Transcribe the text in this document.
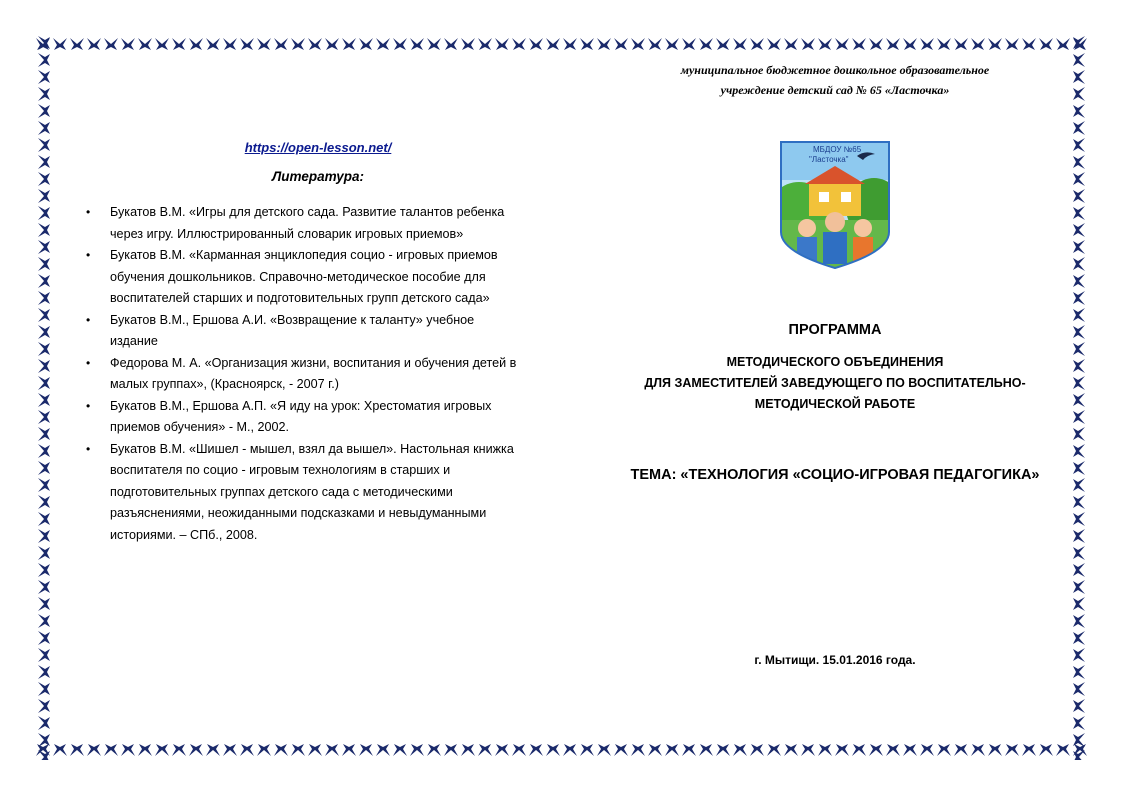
https://open-lesson.net/
Литература:
• Букатов В.М. «Игры для детского сада. Развитие талантов ребенка
через игру. Иллюстрированный словарик игровых приемов»
• Букатов В.М. «Карманная энциклопедия социо - игровых приемов
обучения дошкольников. Справочно-методическое пособие для
воспитателей старших и подготовительных групп детского сада»
• Букатов В.М., Ершова А.И. «Возвращение к таланту» учебное
издание
• Федорова М. А. «Организация жизни, воспитания и обучения детей в
малых группах», (Красноярск, - 2007 г.)
• Букатов В.М., Ершова А.П. «Я иду на урок: Хрестоматия игровых
приемов обучения» - М., 2002.
• Букатов В.М. «Шишел - мышел, взял да вышел». Настольная книжка
воспитателя по социо - игровым технологиям в старших и
подготовительных группах детского сада с методическими
разъяснениями, неожиданными подсказками и невыдуманными
историями. – СПб., 2008.
муниципальное бюджетное дошкольное образовательное
учреждение детский сад № 65 «Ласточка»
МБДОУ №65
"Ласточка"
ПРОГРАММА
МЕТОДИЧЕСКОГО ОБЪЕДИНЕНИЯ
ДЛЯ ЗАМЕСТИТЕЛЕЙ ЗАВЕДУЮЩЕГО ПО ВОСПИТАТЕЛЬНО-
МЕТОДИЧЕСКОЙ РАБОТЕ
ТЕМА: «ТЕХНОЛОГИЯ «СОЦИО-ИГРОВАЯ ПЕДАГОГИКА»
г. Мытищи. 15.01.2016 года.
